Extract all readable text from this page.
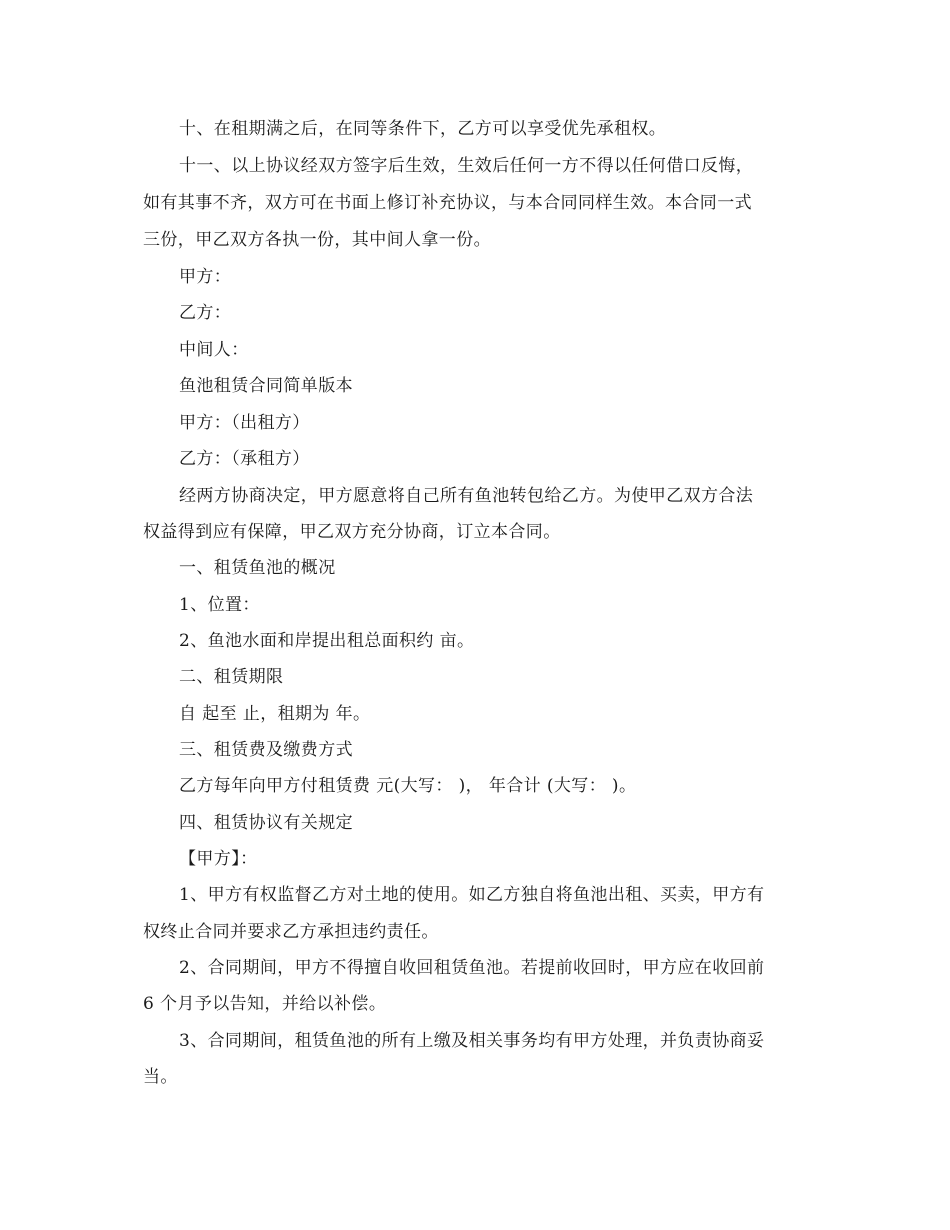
十、在租期满之后，在同等条件下，乙方可以享受优先承租权。

十一、以上协议经双方签字后生效，生效后任何一方不得以任何借口反悔，

如有其事不齐，双方可在书面上修订补充协议，与本合同同样生效。本合同一式

三份，甲乙双方各执一份，其中间人拿一份。

甲方：

乙方：

中间人：

鱼池租赁合同简单版本

甲方：（出租方）

乙方：（承租方）

经两方协商决定，甲方愿意将自己所有鱼池转包给乙方。为使甲乙双方合法

权益得到应有保障，甲乙双方充分协商，订立本合同。

一、租赁鱼池的概况

1、位置：

2、鱼池水面和岸提出租总面积约 亩。

二、租赁期限

自 起至 止，租期为 年。

三、租赁费及缴费方式

乙方每年向甲方付租赁费 元(大写： )， 年合计 (大写： )。

四、租赁协议有关规定

【甲方】：

1、甲方有权监督乙方对土地的使用。如乙方独自将鱼池出租、买卖，甲方有

权终止合同并要求乙方承担违约责任。

2、合同期间，甲方不得擅自收回租赁鱼池。若提前收回时，甲方应在收回前

6 个月予以告知，并给以补偿。

3、合同期间，租赁鱼池的所有上缴及相关事务均有甲方处理，并负责协商妥

当。
